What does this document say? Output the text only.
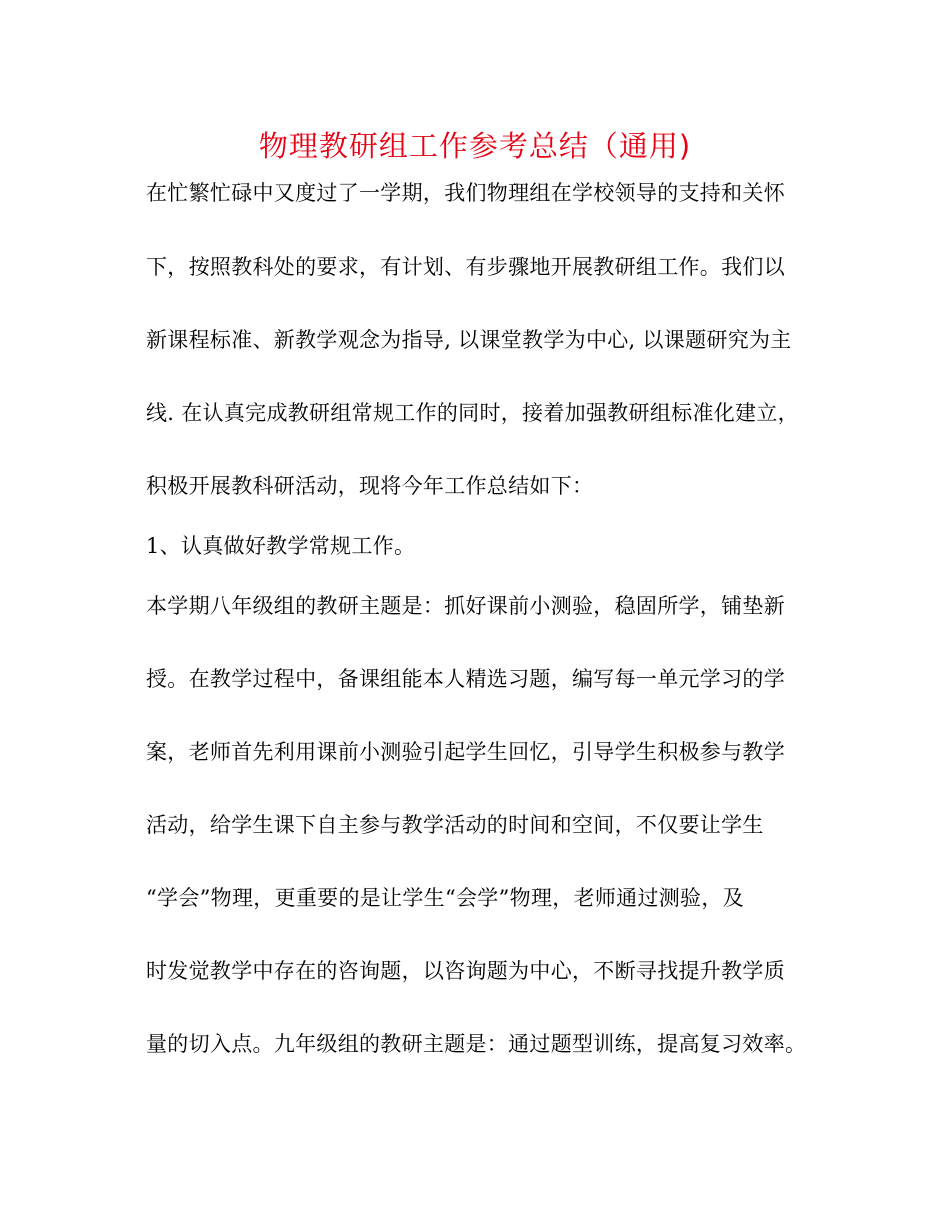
物理教研组工作参考总结（通用)
在忙繁忙碌中又度过了一学期，我们物理组在学校领导的支持和关怀
下，按照教科处的要求，有计划、有步骤地开展教研组工作。我们以
新课程标准、新教学观念为指导, 以课堂教学为中心, 以课题研究为主
线. 在认真完成教研组常规工作的同时，接着加强教研组标准化建立，
积极开展教科研活动，现将今年工作总结如下：
1、认真做好教学常规工作。
本学期八年级组的教研主题是：抓好课前小测验，稳固所学，铺垫新
授。在教学过程中，备课组能本人精选习题，编写每一单元学习的学
案，老师首先利用课前小测验引起学生回忆，引导学生积极参与教学
活动，给学生课下自主参与教学活动的时间和空间，不仅要让学生
“学会”物理，更重要的是让学生“会学”物理，老师通过测验，及
时发觉教学中存在的咨询题，以咨询题为中心，不断寻找提升教学质
量的切入点。九年级组的教研主题是：通过题型训练，提高复习效率。
